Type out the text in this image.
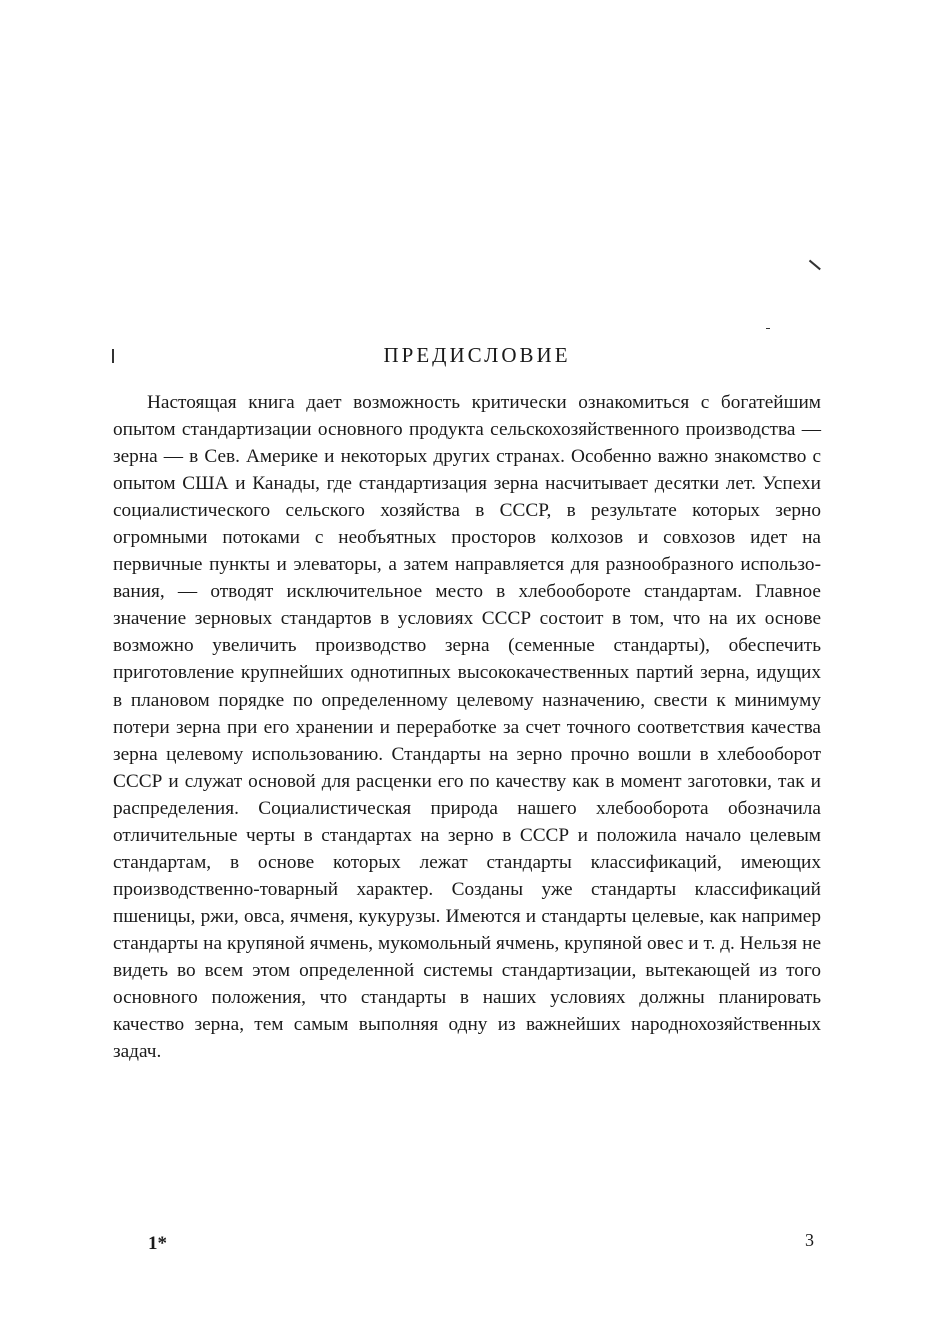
ПРЕДИСЛОВИЕ

Настоящая книга дает возможность критически ознакомиться с богатейшим опытом стандартизации основного продукта сельскохозяйственного производства — зерна — в Сев. Америке и некоторых других странах. Особенно важно знакомство с опытом США и Канады, где стандартизация зерна насчитывает десятки лет. Успехи социалистического сельского хозяйства в СССР, в результате которых зерно огромными потоками с необъятных просторов колхозов и совхозов идет на первичные пункты и элеваторы, а затем направляется для разнообразного использования, — отводят исключительное место в хлебообороте стандартам. Главное значение зерновых стандартов в условиях СССР состоит в том, что на их основе возможно увеличить производство зерна (семенные стандарты), обеспечить приготовление крупнейших однотипных высококачественных партий зерна, идущих в плановом порядке по определенному целевому назначению, свести к минимуму потери зерна при его хранении и переработке за счет точного соответствия качества зерна целевому использованию. Стандарты на зерно прочно вошли в хлебооборот СССР и служат основой для расценки его по качеству как в момент заготовки, так и распределения. Социалистическая природа нашего хлебооборота обозначила отличительные черты в стандартах на зерно в СССР и положила начало целевым стандартам, в основе которых лежат стандарты классификаций, имеющих производственно-товарный характер. Созданы уже стандарты классификаций пшеницы, ржи, овса, ячменя, кукурузы. Имеются и стандарты целевые, как например стандарты на крупяной ячмень, мукомольный ячмень, крупяной овес и т. д. Нельзя не видеть во всем этом определенной системы стандартизации, вытекающей из того основного положения, что стандарты в наших условиях должны планировать качество зерна, тем самым выполняя одну из важнейших народнохозяйственных задач.

1*	3
